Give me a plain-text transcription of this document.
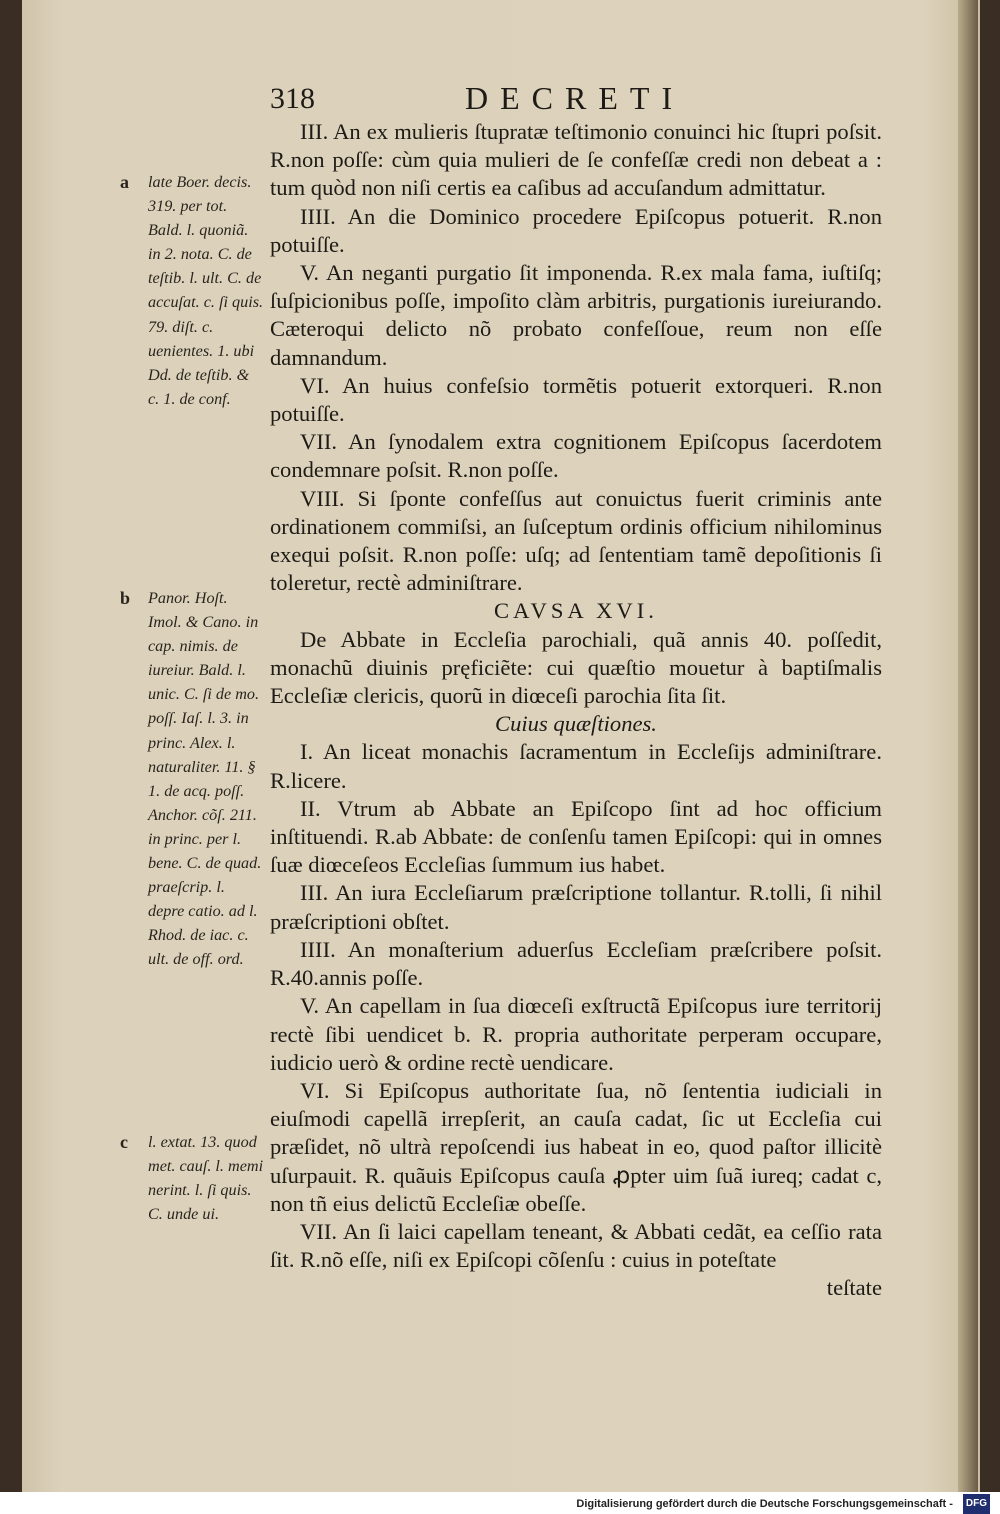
318	DECRETI

III. An ex mulieris ſtupratæ teſtimonio conuinci hic ſtupri poſsit. R.non poſſe: cùm quia mulieri de ſe confeſſæ credi non debeat a : tum quòd non niſi certis ea caſibus ad accuſandum admittatur.

IIII. An die Dominico procedere Epiſcopus potuerit. R.non potuiſſe.

V. An neganti purgatio ſit imponenda. R.ex mala fama, iuſtiſq; ſuſpicionibus poſſe, impoſito clàm arbitris, purgationis iureiurando. Cæteroqui delicto nõ probato confeſſoue, reum non eſſe damnandum.

VI. An huius confeſsio tormẽtis potuerit extorqueri. R.non potuiſſe.

VII. An ſynodalem extra cognitionem Epiſcopus ſacerdotem condemnare poſsit. R.non poſſe.

VIII. Si ſponte confeſſus aut conuictus fuerit criminis ante ordinationem commiſsi, an ſuſceptum ordinis officium nihilominus exequi poſsit. R.non poſſe: uſq; ad ſententiam tamẽ depoſitionis ſi toleretur, rectè adminiſtrare.

CAVSA XVI.

De Abbate in Eccleſia parochiali, quã annis 40. poſſedit, monachũ diuinis pręficiẽte: cui quæſtio mouetur à baptiſmalis Eccleſiæ clericis, quorũ in diœceſi parochia ſita ſit.

Cuius quæſtiones.

I. An liceat monachis ſacramentum in Eccleſijs adminiſtrare. R.licere.

II. Vtrum ab Abbate an Epiſcopo ſint ad hoc officium inſtituendi. R.ab Abbate: de conſenſu tamen Epiſcopi: qui in omnes ſuæ diœceſeos Eccleſias ſummum ius habet.

III. An iura Eccleſiarum præſcriptione tollantur. R.tolli, ſi nihil præſcriptioni obſtet.

IIII. An monaſterium aduerſus Eccleſiam præſcribere poſsit. R.40.annis poſſe.

V. An capellam in ſua diœceſi exſtructã Epiſcopus iure territorij rectè ſibi uendicet b. R. propria authoritate perperam occupare, iudicio uerò & ordine rectè uendicare.

VI. Si Epiſcopus authoritate ſua, nõ ſententia iudiciali in eiuſmodi capellã irrepſerit, an cauſa cadat, ſic ut Eccleſia cui præſidet, nõ ultrà repoſcendi ius habeat in eo, quod paſtor illicitè uſurpauit. R. quãuis Epiſcopus cauſa ꝓpter uim ſuã iureq; cadat c, non tñ eius delictũ Eccleſiæ obeſſe.

VII. An ſi laici capellam teneant, & Abbati cedãt, ea ceſſio rata ſit. R.nõ eſſe, niſi ex Epiſcopi cõſenſu : cuius in poteſtate

teſtate

a	late Boer. decis. 319. per tot. Bald. l. quoniã. in 2. nota. C. de teſtib. l. ult. C. de accuſat. c. ſi quis. 79. diſt. c. uenientes. 1. ubi Dd. de teſtib. & c. 1. de conf.
b	Panor. Hoſt. Imol. & Cano. in cap. nimis. de iureiur. Bald. l. unic. C. ſi de mo. poſſ. Iaſ. l. 3. in princ. Alex. l. naturaliter. 11. § 1. de acq. poſſ. Anchor. cõſ. 211. in princ. per l. bene. C. de quad. praeſcrip. l. depre catio. ad l. Rhod. de iac. c. ult. de off. ord.
c	l. extat. 13. quod met. cauſ. l. memi nerint. l. ſi quis. C. unde ui.
Digitalisierung gefördert durch die Deutsche Forschungsgemeinschaft - DFG
